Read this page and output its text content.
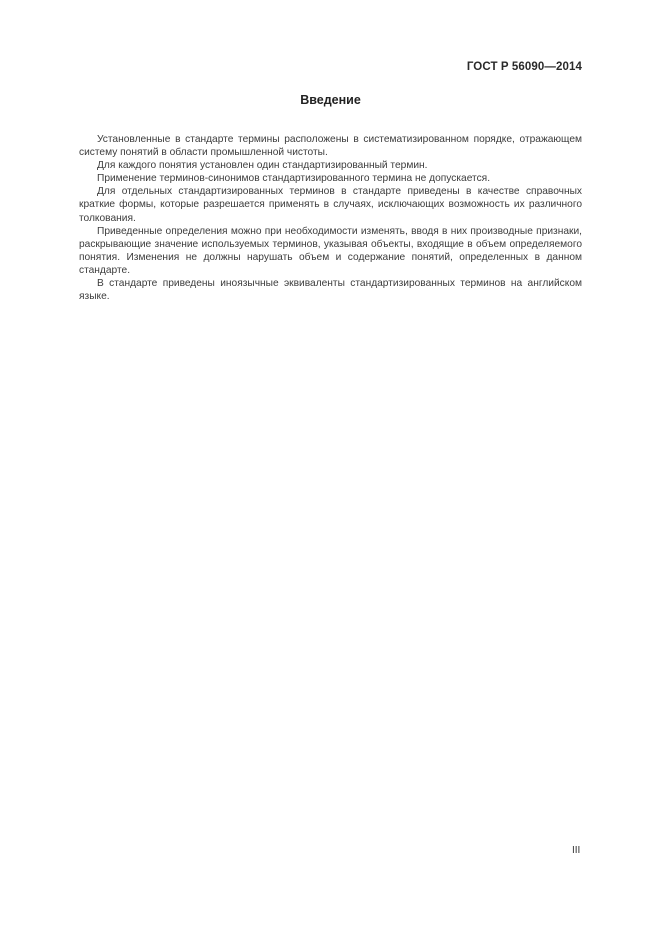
ГОСТ Р 56090—2014
Введение

Установленные в стандарте термины расположены в систематизированном порядке, отражающем систему понятий в области промышленной чистоты.

Для каждого понятия установлен один стандартизированный термин.

Применение терминов-синонимов стандартизированного термина не допускается.

Для отдельных стандартизированных терминов в стандарте приведены в качестве справочных краткие формы, которые разрешается применять в случаях, исключающих возможность их различного толкования.

Приведенные определения можно при необходимости изменять, вводя в них производные признаки, раскрывающие значение используемых терминов, указывая объекты, входящие в объем определяемого понятия. Изменения не должны нарушать объем и содержание понятий, определенных в данном стандарте.

В стандарте приведены иноязычные эквиваленты стандартизированных терминов на английском языке.

III
